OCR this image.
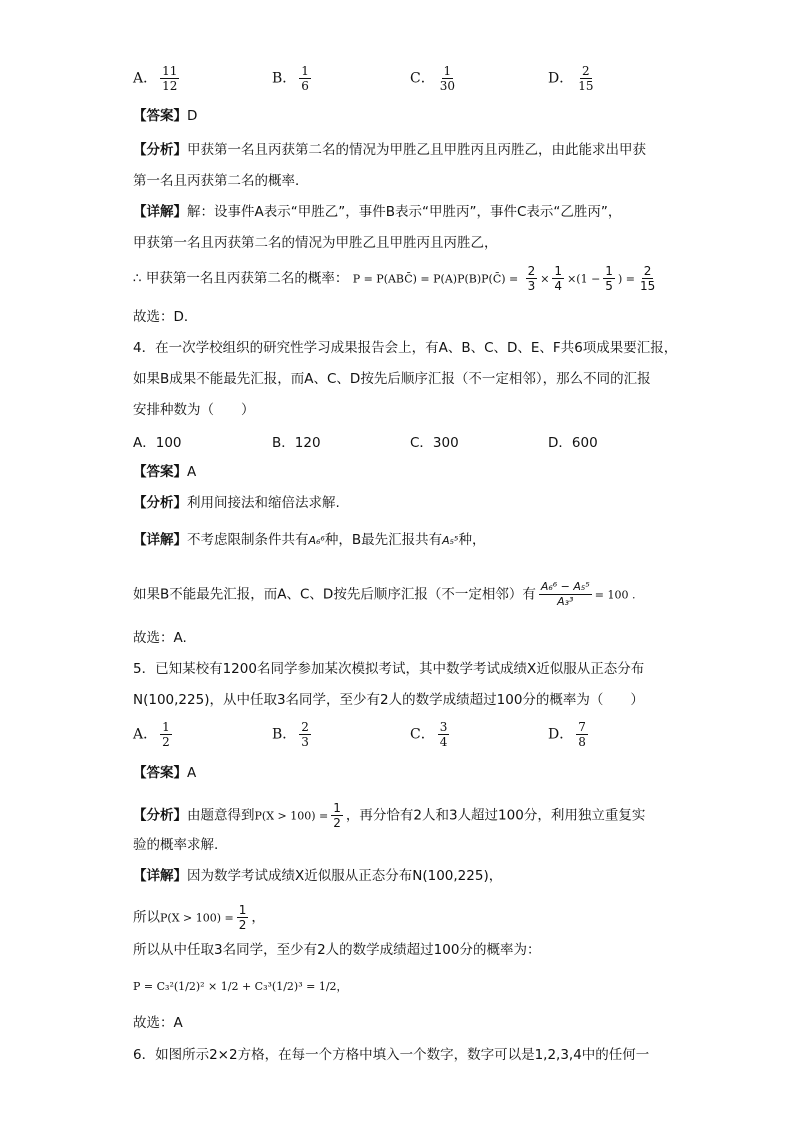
A． $\frac{11}{12}$	B． $\frac{1}{6}$	C． $\frac{1}{30}$	D． $\frac{2}{15}$
【答案】D
【分析】甲获第一名且丙获第二名的情况为甲胜乙且甲胜丙且丙胜乙，由此能求出甲获
第一名且丙获第二名的概率．
【详解】解：设事件A表示“甲胜乙”，事件B表示“甲胜丙”，事件C表示“乙胜丙”，
甲获第一名且丙获第二名的情况为甲胜乙且甲胜丙且丙胜乙，
∴ 甲获第一名且丙获第二名的概率： P = P(ABC̄) = P(A)P(B)P(C̄) = $\frac{2}{3} \times \frac{1}{4} \times(1 - \frac{1}{5}$ ) = $\frac{2}{15}$
故选：D．
4．在一次学校组织的研究性学习成果报告会上，有A、B、C、D、E、F共6项成果要汇报，
如果B成果不能最先汇报，而A、C、D按先后顺序汇报（不一定相邻），那么不同的汇报
安排种数为（　　）
A．100	B．120	C．300	D．600
【答案】A
【分析】利用间接法和缩倍法求解.
【详解】不考虑限制条件共有A₆⁶种，B最先汇报共有A₅⁵种，
如果B不能最先汇报，而A、C、D按先后顺序汇报（不一定相邻）有 $\frac{\text{A₆⁶ − A₅⁵}}{\text{A₃³}} = 100$ .
故选：A.
5．已知某校有1200名同学参加某次模拟考试，其中数学考试成绩X近似服从正态分布
N(100,225)，从中任取3名同学，至少有2人的数学成绩超过100分的概率为（　　）
A． $\frac{1}{2}$	B． $\frac{2}{3}$	C． $\frac{3}{4}$	D． $\frac{7}{8}$
【答案】A
【分析】由题意得到$P(X > 100) = \frac{1}{2}$ ，再分恰有2人和3人超过100分，利用独立重复实
验的概率求解.
【详解】因为数学考试成绩X近似服从正态分布N(100,225)，
所以$P(X > 100) = \frac{1}{2}$ ，
所以从中任取3名同学，至少有2人的数学成绩超过100分的概率为：
P = C₃²(1/2)² × 1/2 + C₃³(1/2)³ = 1/2，
故选：A
6．如图所示2×2方格，在每一个方格中填入一个数字，数字可以是1,2,3,4中的任何一
